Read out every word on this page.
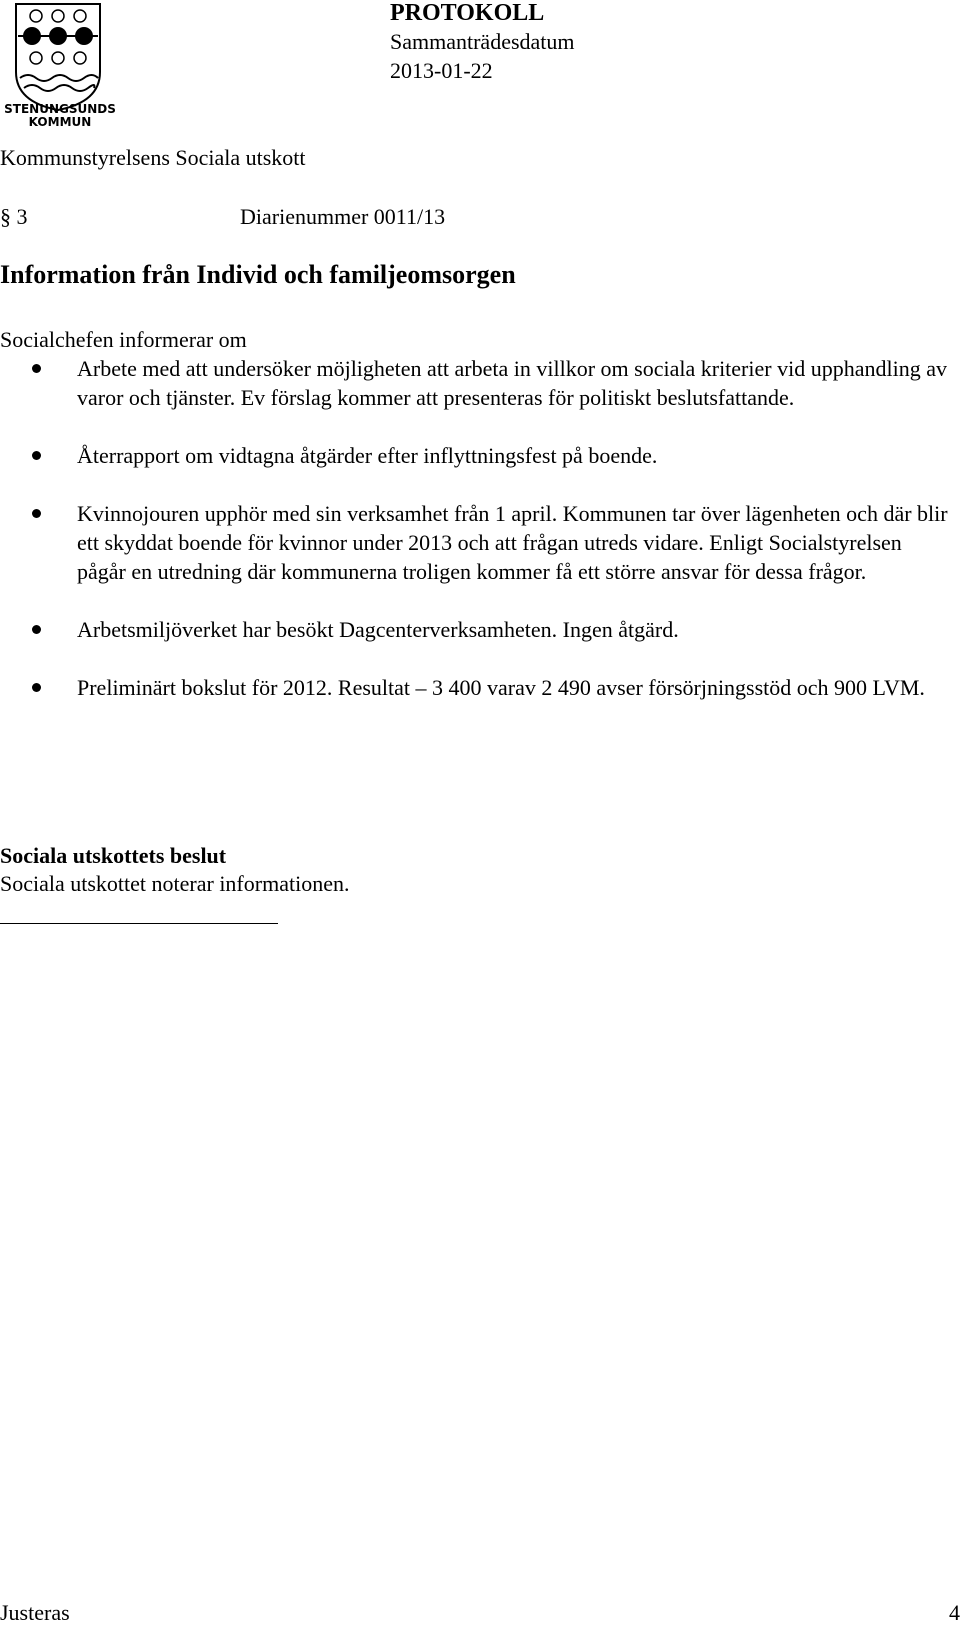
STENUNGSUNDS
KOMMUN
PROTOKOLL
Sammanträdesdatum
2013-01-22
Kommunstyrelsens Sociala utskott
§ 3	Diarienummer 0011/13
Information från Individ och familjeomsorgen
Socialchefen informerar om
Arbete med att undersöker möjligheten att arbeta in villkor om sociala kriterier vid upphandling av varor och tjänster. Ev förslag kommer att presenteras för politiskt beslutsfattande.
Återrapport om vidtagna åtgärder efter inflyttningsfest på boende.
Kvinnojouren upphör med sin verksamhet från 1 april. Kommunen tar över lägenheten och där blir ett skyddat boende för kvinnor under 2013 och att frågan utreds vidare. Enligt Socialstyrelsen pågår en utredning där kommunerna troligen kommer få ett större ansvar för dessa frågor.
Arbetsmiljöverket har besökt Dagcenterverksamheten. Ingen åtgärd.
Preliminärt bokslut för 2012. Resultat – 3 400 varav 2 490 avser försörjningsstöd och 900 LVM.
Sociala utskottets beslut
Sociala utskottet noterar informationen.
Justeras	4
